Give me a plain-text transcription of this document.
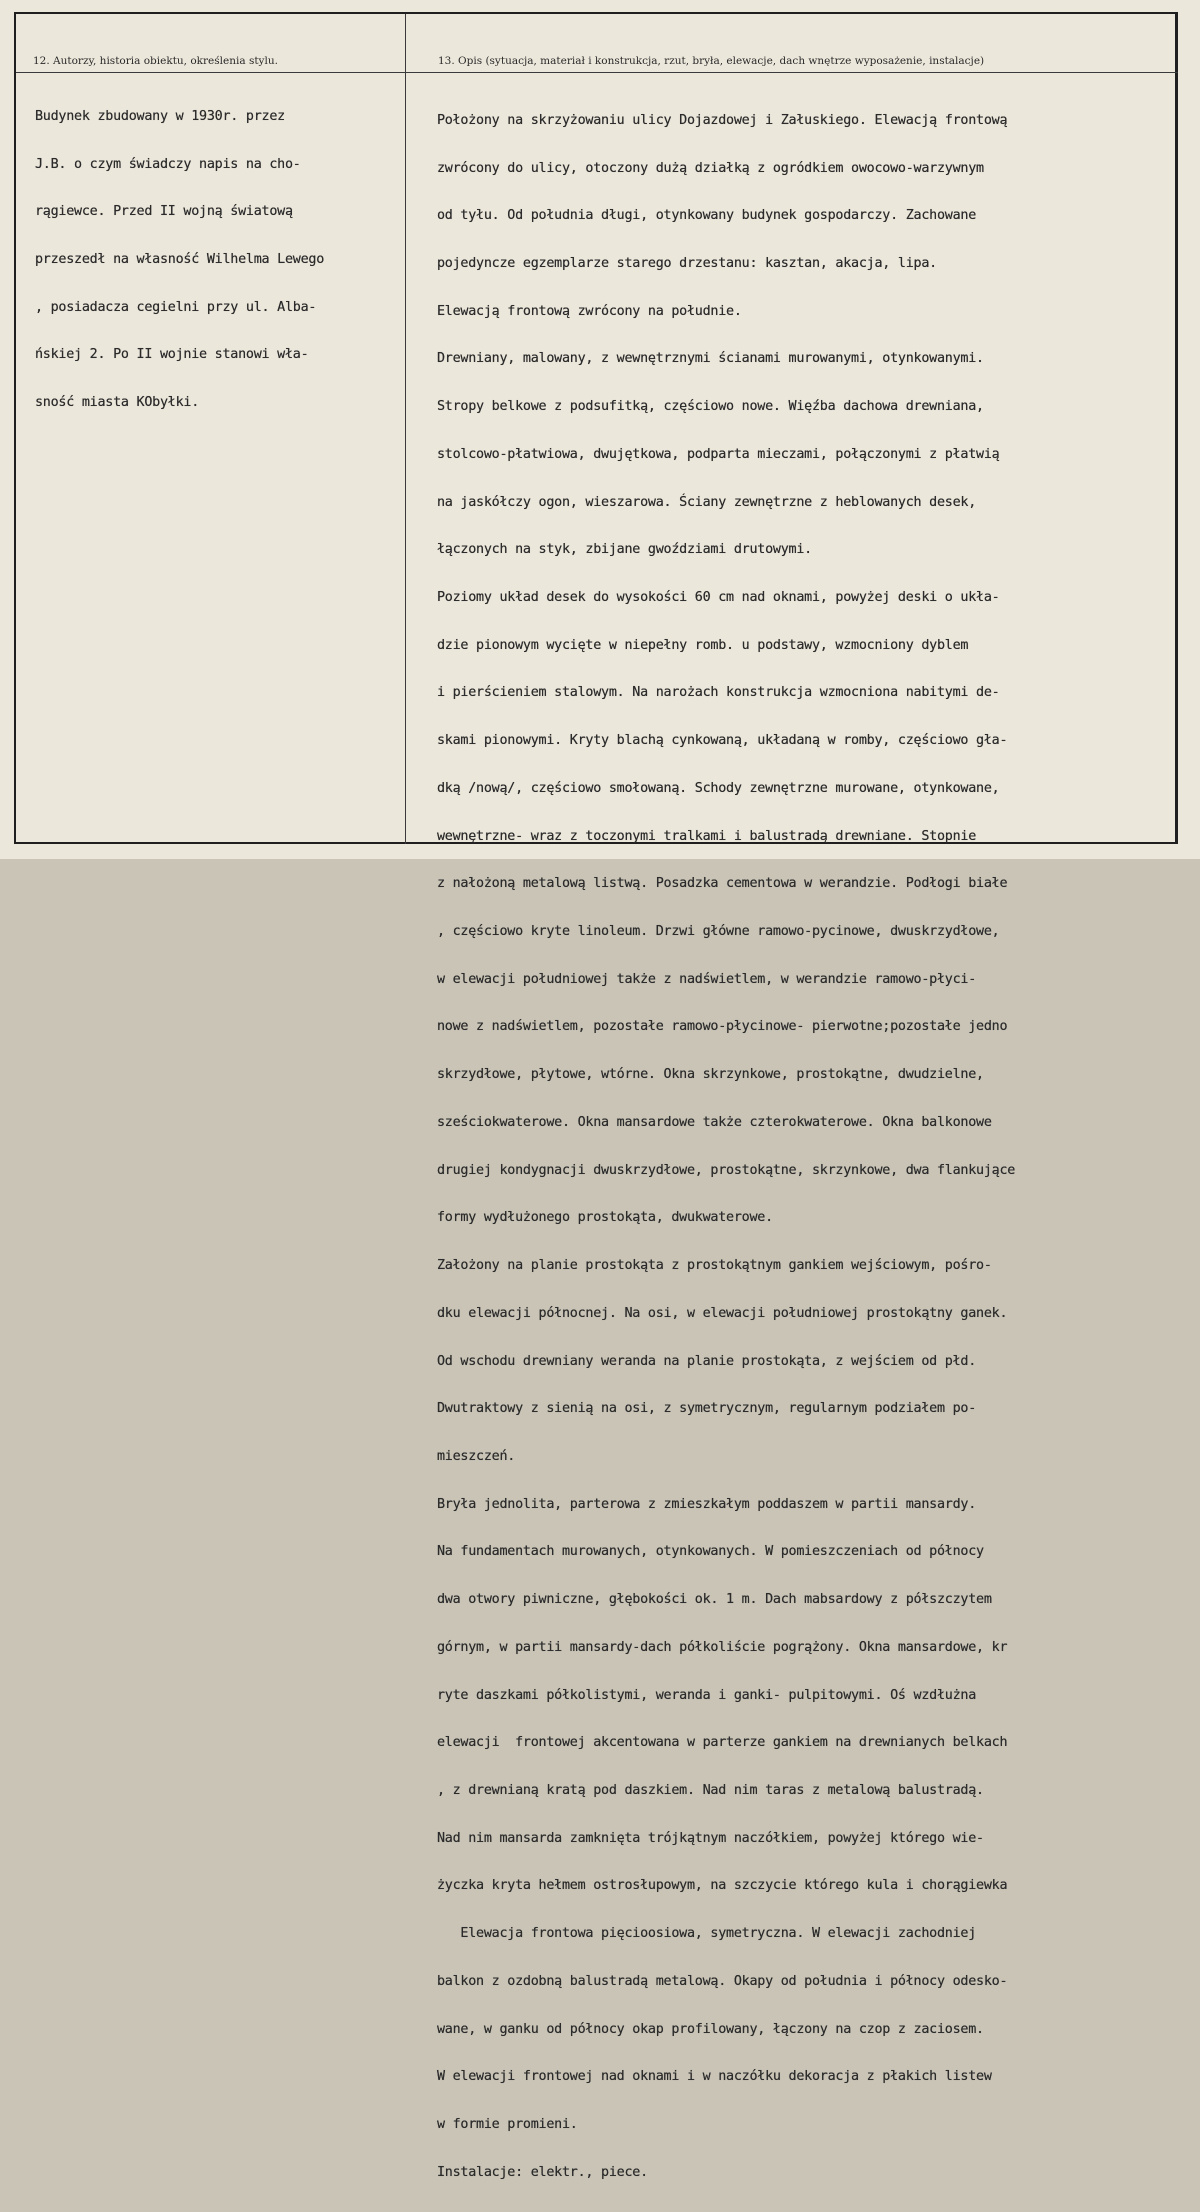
12. Autorzy, historia obiektu, określenia stylu.	13. Opis (sytuacja, materiał i konstrukcja, rzut, bryła, elewacje, dach wnętrze wyposażenie, instalacje)

Budynek zbudowany w 1930r. przez

J.B. o czym świadczy napis na cho-

rągiewce. Przed II wojną światową

przeszedł na własność Wilhelma Lewego

, posiadacza cegielni przy ul. Alba-

ńskiej 2. Po II wojnie stanowi wła-

sność miasta KObyłki.

Położony na skrzyżowaniu ulicy Dojazdowej i Załuskiego. Elewacją frontową

zwrócony do ulicy, otoczony dużą działką z ogródkiem owocowo-warzywnym

od tyłu. Od południa długi, otynkowany budynek gospodarczy. Zachowane

pojedyncze egzemplarze starego drzestanu: kasztan, akacja, lipa.

Elewacją frontową zwrócony na południe.

Drewniany, malowany, z wewnętrznymi ścianami murowanymi, otynkowanymi.

Stropy belkowe z podsufitką, częściowo nowe. Więźba dachowa drewniana,

stolcowo-płatwiowa, dwujętkowa, podparta mieczami, połączonymi z płatwią

na jaskółczy ogon, wieszarowa. Ściany zewnętrzne z heblowanych desek,

łączonych na styk, zbijane gwoździami drutowymi.

Poziomy układ desek do wysokości 60 cm nad oknami, powyżej deski o ukła-

dzie pionowym wycięte w niepełny romb. u podstawy, wzmocniony dyblem

i pierścieniem stalowym. Na narożach konstrukcja wzmocniona nabitymi de-

skami pionowymi. Kryty blachą cynkowaną, układaną w romby, częściowo gła-

dką /nową/, częściowo smołowaną. Schody zewnętrzne murowane, otynkowane,

wewnętrzne- wraz z toczonymi tralkami i balustradą drewniane. Stopnie

z nałożoną metalową listwą. Posadzka cementowa w werandzie. Podłogi białe

, częściowo kryte linoleum. Drzwi główne ramowo-pycinowe, dwuskrzydłowe,

w elewacji południowej także z nadświetlem, w werandzie ramowo-płyci-

nowe z nadświetlem, pozostałe ramowo-płycinowe- pierwotne;pozostałe jedno

skrzydłowe, płytowe, wtórne. Okna skrzynkowe, prostokątne, dwudzielne,

sześciokwaterowe. Okna mansardowe także czterokwaterowe. Okna balkonowe

drugiej kondygnacji dwuskrzydłowe, prostokątne, skrzynkowe, dwa flankujące

formy wydłużonego prostokąta, dwukwaterowe.

Założony na planie prostokąta z prostokątnym gankiem wejściowym, pośro-

dku elewacji północnej. Na osi, w elewacji południowej prostokątny ganek.

Od wschodu drewniany weranda na planie prostokąta, z wejściem od płd.

Dwutraktowy z sienią na osi, z symetrycznym, regularnym podziałem po-

mieszczeń.

Bryła jednolita, parterowa z zmieszkałym poddaszem w partii mansardy.

Na fundamentach murowanych, otynkowanych. W pomieszczeniach od północy

dwa otwory piwniczne, głębokości ok. 1 m. Dach mabsardowy z półszczytem

górnym, w partii mansardy-dach półkoliście pogrążony. Okna mansardowe, kr

ryte daszkami półkolistymi, weranda i ganki- pulpitowymi. Oś wzdłużna

elewacji  frontowej akcentowana w parterze gankiem na drewnianych belkach

, z drewnianą kratą pod daszkiem. Nad nim taras z metalową balustradą.

Nad nim mansarda zamknięta trójkątnym naczółkiem, powyżej którego wie-

życzka kryta hełmem ostrosłupowym, na szczycie którego kula i chorągiewka

Elewacja frontowa pięcioosiowa, symetryczna. W elewacji zachodniej

balkon z ozdobną balustradą metalową. Okapy od południa i północy odesko-

wane, w ganku od północy okap profilowany, łączony na czop z zaciosem.

W elewacji frontowej nad oknami i w naczółku dekoracja z płakich listew

w formie promieni.

Instalacje: elektr., piece.
